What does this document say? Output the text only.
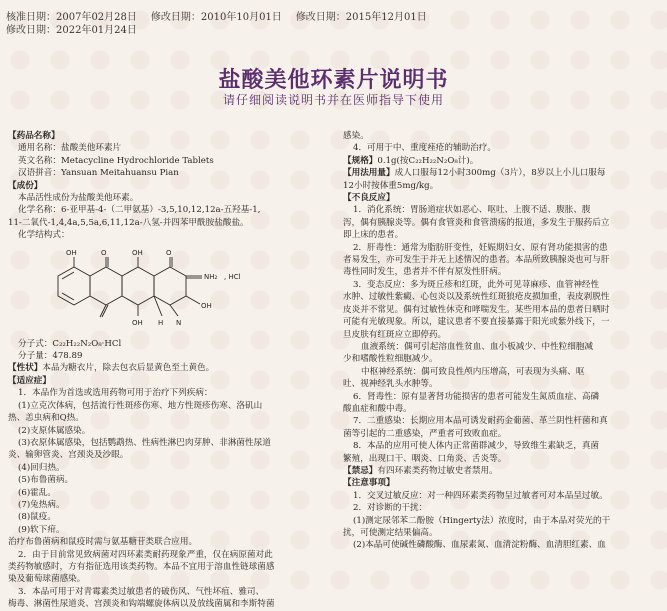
核准日期：2007年02月28日 修改日期：2010年10月01日 修改日期：2015年12月01日
修改日期：2022年01月24日
盐酸美他环素片说明书
请仔细阅读说明书并在医师指导下使用
【药品名称】
通用名称：盐酸美他环素片
英文名称：Metacycline Hydrochloride Tablets
汉语拼音：Yansuan Meitahuansu Pian
【成份】
本品活性成份为盐酸美他环素。
化学名称：6-亚甲基-4-（二甲氨基）-3,5,10,12,12a-五羟基-1,
11-二氧代-1,4,4a,5,5a,6,11,12a-八氢-并四苯甲酰胺盐酸盐。
化学结构式：
OH	O	OH	O
NH₂ , HCl
OH
OH H N
分子式：C₂₂H₂₂N₂O₈·HCl
分子量：478.89
【性状】本品为糖衣片，除去包衣后显黄色至土黄色。
【适应症】
1．本品作为首选或选用药物可用于治疗下列疾病：
(1)立克次体病，包括流行性斑疹伤寒、地方性斑疹伤寒、洛矶山
热、恙虫病和Q热。
(2)支原体属感染。
(3)衣原体属感染，包括鹦鹉热、性病性淋巴肉芽肿、非淋菌性尿道
炎、输卵管炎、宫颈炎及沙眼。
(4)回归热。
(5)布鲁菌病。
(6)霍乱。
(7)兔热病。
(8)鼠疫。
(9)软下疳。
治疗布鲁菌病和鼠疫时需与氨基糖苷类联合应用。
2．由于目前常见致病菌对四环素类耐药现象严重，仅在病原菌对此
类药物敏感时，方有指征选用该类药物。本品不宜用于溶血性链球菌感
染及葡萄球菌感染。
3．本品可用于对青霉素类过敏患者的破伤风、气性坏疽、雅司、
梅毒、淋菌性尿道炎、宫颈炎和钩端螺旋体病以及放线菌属和李斯特菌
感染。
4．可用于中、重度痤疮的辅助治疗。
【规格】0.1g(按C₂₂H₂₂N₂O₈计)。
【用法用量】成人口服每12小时300mg（3片），8岁以上小儿口服每
12小时按体重5mg/kg。
【不良反应】
1．消化系统：胃肠道症状如恶心、呕吐、上腹不适、腹胀、腹
泻，偶有胰腺炎等。偶有食管炎和食管溃疡的报道，多发生于服药后立
即上床的患者。
2．肝毒性：通常为脂肪肝变性，妊娠期妇女、原有肾功能损害的患
者易发生，亦可发生于并无上述情况的患者。本品所致胰腺炎也可与肝
毒性同时发生，患者并不伴有原发性肝病。
3．变态反应：多为斑丘疹和红斑，此外可见荨麻疹、血管神经性
水肿、过敏性紫癜、心包炎以及系统性红斑狼疮皮损加重，表皮剥脱性
皮炎并不常见。偶有过敏性休克和哮喘发生。某些用本品的患者日晒时
可能有光敏现象。所以，建议患者不要直接暴露于阳光或紫外线下，一
旦皮肤有红斑应立即停药。
血液系统：偶可引起溶血性贫血、血小板减少、中性粒细胞减
少和嗜酸性粒细胞减少。
中枢神经系统：偶可致良性颅内压增高，可表现为头痛、呕
吐、视神经乳头水肿等。
6．肾毒性：原有显著肾功能损害的患者可能发生氮质血症、高磷
酸血症和酸中毒。
7．二重感染：长期应用本品可诱发耐药金葡菌、革兰阴性杆菌和真
菌等引起的二重感染，严重者可致败血症。
8．本品的应用可使人体内正常菌群减少，导致维生素缺乏，真菌
繁殖，出现口干、咽炎、口角炎、舌炎等。
【禁忌】有四环素类药物过敏史者禁用。
【注意事项】
1．交叉过敏反应：对一种四环素类药物呈过敏者可对本品呈过敏。
2．对诊断的干扰：
(1)测定尿邻苯二酚胺（Hingerty法）浓度时，由于本品对荧光的干
扰，可使测定结果偏高。
(2)本品可使碱性磷酸酶、血尿素氮、血清淀粉酶、血清胆红素、血
